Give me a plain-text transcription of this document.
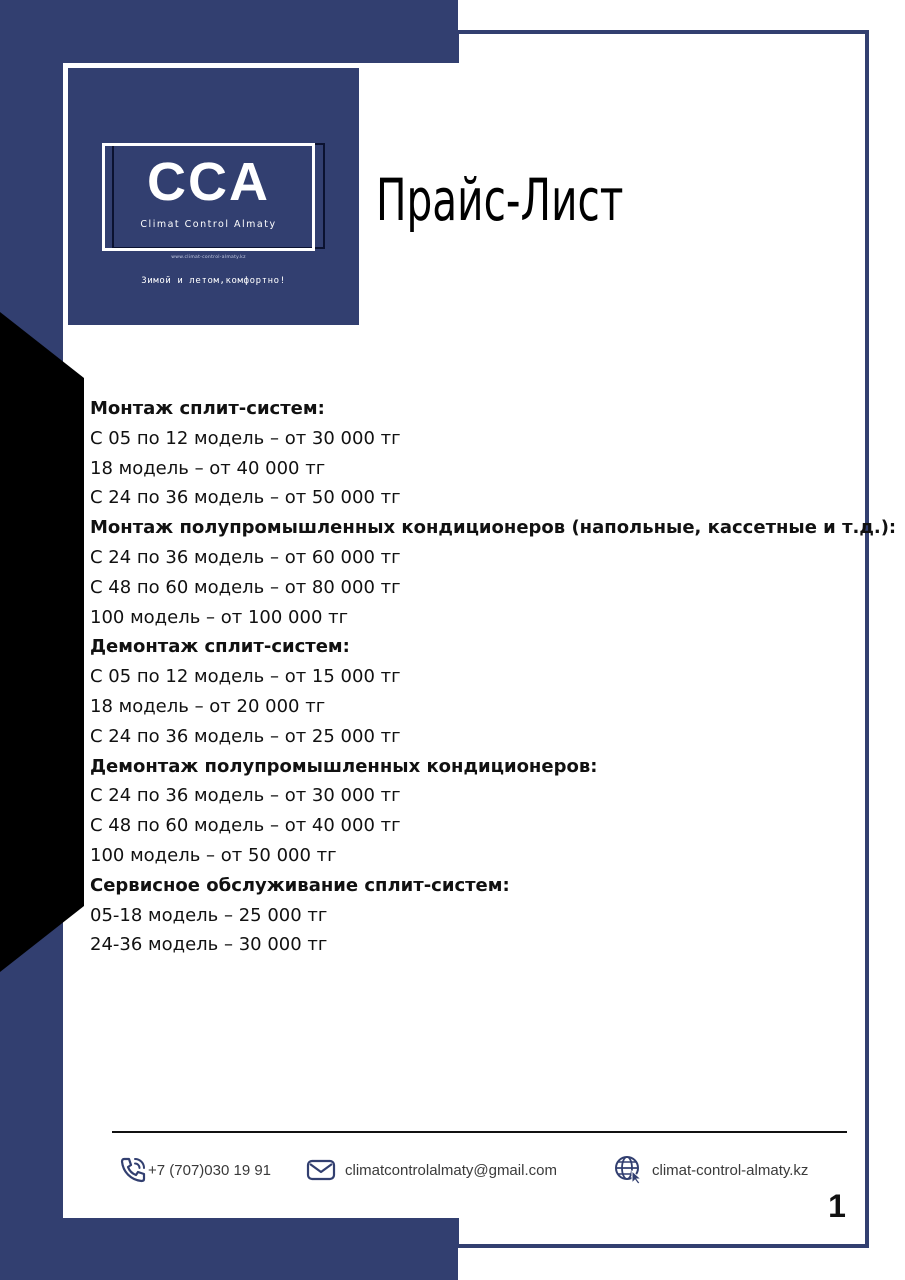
CCA
Climat Control Almaty
www.climat-control-almaty.kz
Зимой и летом,комфортно!
Прайс-Лист
Монтаж сплит-систем:
С 05 по 12 модель – от 30 000 тг
18 модель – от 40 000 тг
С 24 по 36 модель – от 50 000 тг
Монтаж полупромышленных кондиционеров (напольные, кассетные и т.д.):
С 24 по 36 модель – от 60 000 тг
С 48 по 60 модель – от 80 000 тг
100 модель – от 100 000 тг
Демонтаж сплит-систем:
С 05 по 12 модель – от 15 000 тг
18 модель – от 20 000 тг
С 24 по 36 модель – от 25 000 тг
Демонтаж полупромышленных кондиционеров:
С 24 по 36 модель – от 30 000 тг
С 48 по 60 модель – от 40 000 тг
100 модель – от 50 000 тг
Сервисное обслуживание сплит-систем:
05-18 модель – 25 000 тг
24-36 модель – 30 000 тг
+7 (707)030 19 91	climatcontrolalmaty@gmail.com	climat-control-almaty.kz
1
